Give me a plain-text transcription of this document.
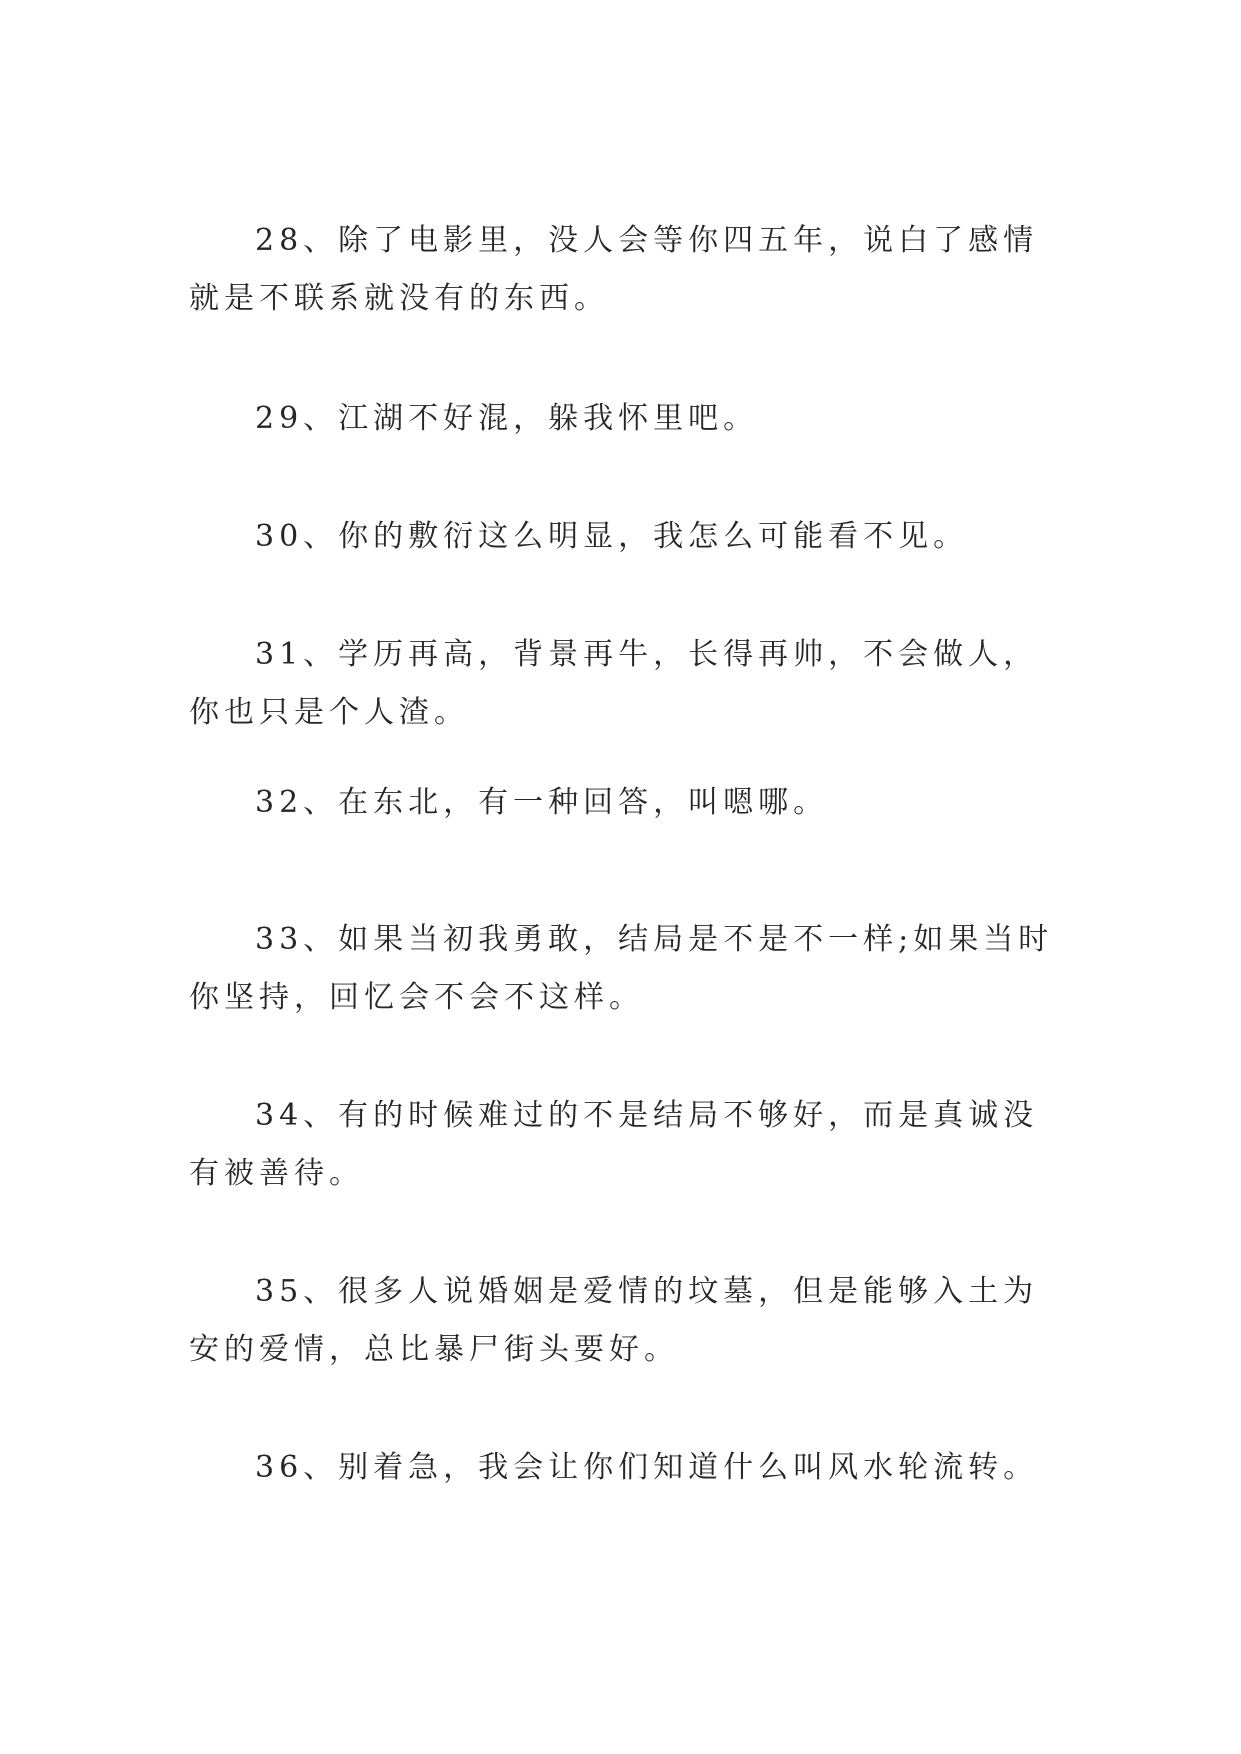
28、除了电影里，没人会等你四五年，说白了感情就是不联系就没有的东西。

29、江湖不好混，躲我怀里吧。

30、你的敷衍这么明显，我怎么可能看不见。

31、学历再高，背景再牛，长得再帅，不会做人，你也只是个人渣。

32、在东北，有一种回答，叫嗯哪。

33、如果当初我勇敢，结局是不是不一样;如果当时你坚持，回忆会不会不这样。

34、有的时候难过的不是结局不够好，而是真诚没有被善待。

35、很多人说婚姻是爱情的坟墓，但是能够入土为安的爱情，总比暴尸街头要好。

36、别着急，我会让你们知道什么叫风水轮流转。
